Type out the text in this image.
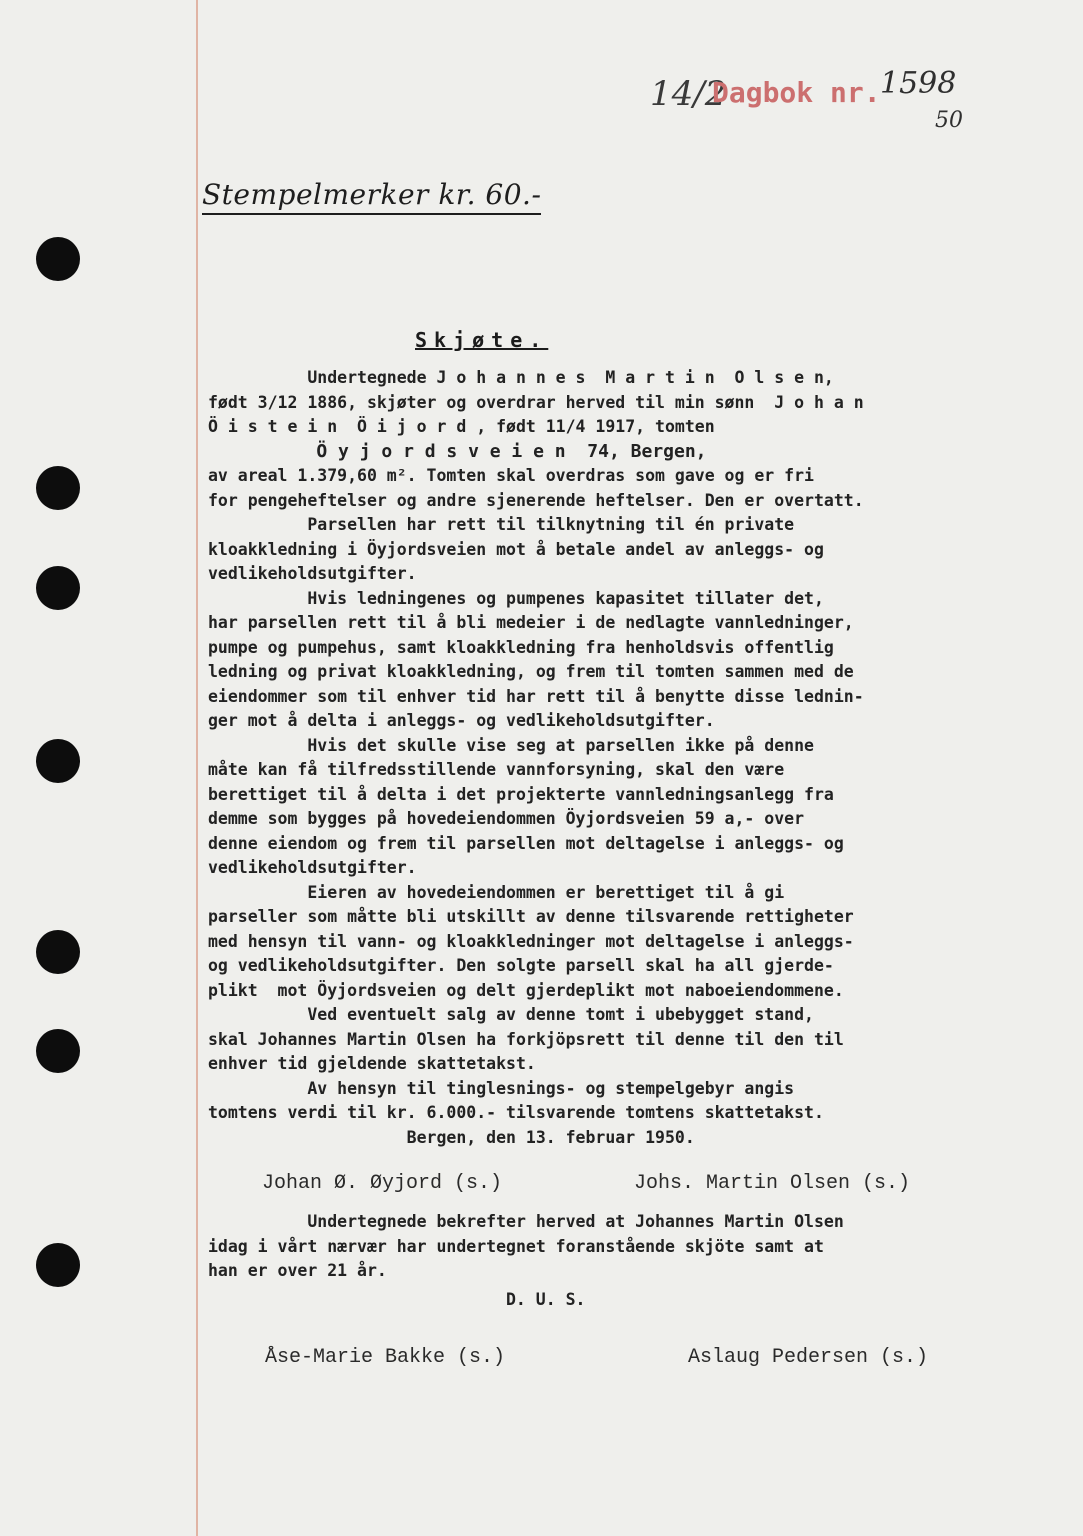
14/2
Dagbok nr. 1598
50
Stempelmerker kr. 60.-
Skjøte.
Undertegnede J o h a n n e s  M a r t i n  O l s e n,
født 3/12 1886, skjøter og overdrar herved til min sønn  J o h a n
Ö i s t e i n  Ö i j o r d , født 11/4 1917, tomten
Ö y j o r d s v e i e n  74, Bergen,
av areal 1.379,60 m². Tomten skal overdras som gave og er fri
for pengeheftelser og andre sjenerende heftelser. Den er overtatt.
Parsellen har rett til tilknytning til én private
kloakkledning i Öyjordsveien mot å betale andel av anleggs- og
vedlikeholdsutgifter.
Hvis ledningenes og pumpenes kapasitet tillater det,
har parsellen rett til å bli medeier i de nedlagte vannledninger,
pumpe og pumpehus, samt kloakkledning fra henholdsvis offentlig
ledning og privat kloakkledning, og frem til tomten sammen med de
eiendommer som til enhver tid har rett til å benytte disse lednin-
ger mot å delta i anleggs- og vedlikeholdsutgifter.
Hvis det skulle vise seg at parsellen ikke på denne
måte kan få tilfredsstillende vannforsyning, skal den være
berettiget til å delta i det projekterte vannledningsanlegg fra
demme som bygges på hovedeiendommen Öyjordsveien 59 a,- over
denne eiendom og frem til parsellen mot deltagelse i anleggs- og
vedlikeholdsutgifter.
Eieren av hovedeiendommen er berettiget til å gi
parseller som måtte bli utskillt av denne tilsvarende rettigheter
med hensyn til vann- og kloakkledninger mot deltagelse i anleggs-
og vedlikeholdsutgifter. Den solgte parsell skal ha all gjerde-
plikt  mot Öyjordsveien og delt gjerdeplikt mot naboeiendommene.
Ved eventuelt salg av denne tomt i ubebygget stand,
skal Johannes Martin Olsen ha forkjöpsrett til denne til den til
enhver tid gjeldende skattetakst.
Av hensyn til tinglesnings- og stempelgebyr angis
tomtens verdi til kr. 6.000.- tilsvarende tomtens skattetakst.
Bergen, den 13. februar 1950.
Johan Ø. Øyjord (s.)	Johs. Martin Olsen (s.)
Undertegnede bekrefter herved at Johannes Martin Olsen
idag i vårt nærvær har undertegnet foranstående skjöte samt at
han er over 21 år.
D. U. S.
Åse-Marie Bakke (s.)	Aslaug Pedersen (s.)
